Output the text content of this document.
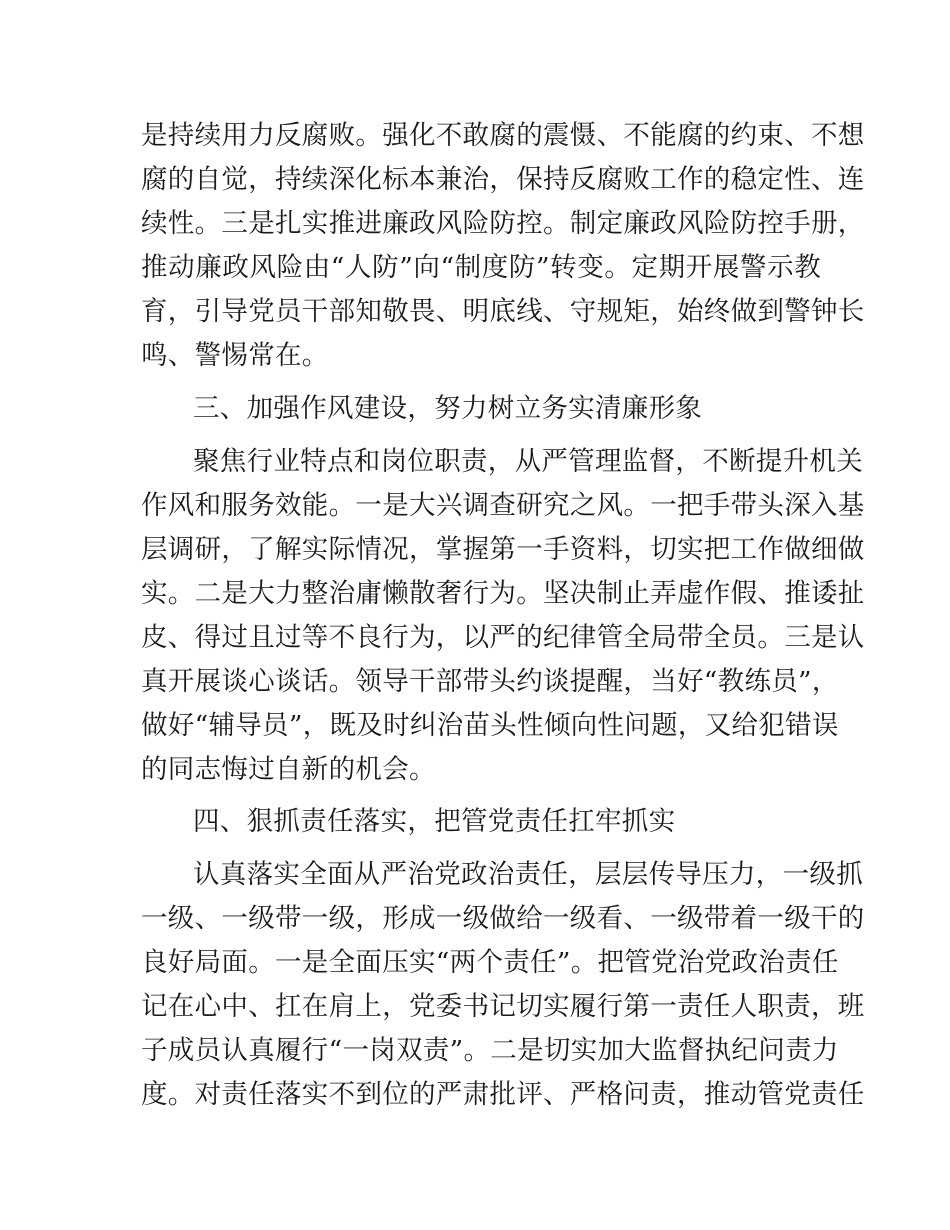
是持续用力反腐败。强化不敢腐的震慑、不能腐的约束、不想
腐的自觉，持续深化标本兼治，保持反腐败工作的稳定性、连
续性。三是扎实推进廉政风险防控。制定廉政风险防控手册，
推动廉政风险由“人防”向“制度防”转变。定期开展警示教
育，引导党员干部知敬畏、明底线、守规矩，始终做到警钟长
鸣、警惕常在。
三、加强作风建设，努力树立务实清廉形象
聚焦行业特点和岗位职责，从严管理监督，不断提升机关
作风和服务效能。一是大兴调查研究之风。一把手带头深入基
层调研，了解实际情况，掌握第一手资料，切实把工作做细做
实。二是大力整治庸懒散奢行为。坚决制止弄虚作假、推诿扯
皮、得过且过等不良行为，以严的纪律管全局带全员。三是认
真开展谈心谈话。领导干部带头约谈提醒，当好“教练员”，
做好“辅导员”，既及时纠治苗头性倾向性问题，又给犯错误
的同志悔过自新的机会。
四、狠抓责任落实，把管党责任扛牢抓实
认真落实全面从严治党政治责任，层层传导压力，一级抓
一级、一级带一级，形成一级做给一级看、一级带着一级干的
良好局面。一是全面压实“两个责任”。把管党治党政治责任
记在心中、扛在肩上，党委书记切实履行第一责任人职责，班
子成员认真履行“一岗双责”。二是切实加大监督执纪问责力
度。对责任落实不到位的严肃批评、严格问责，推动管党责任
